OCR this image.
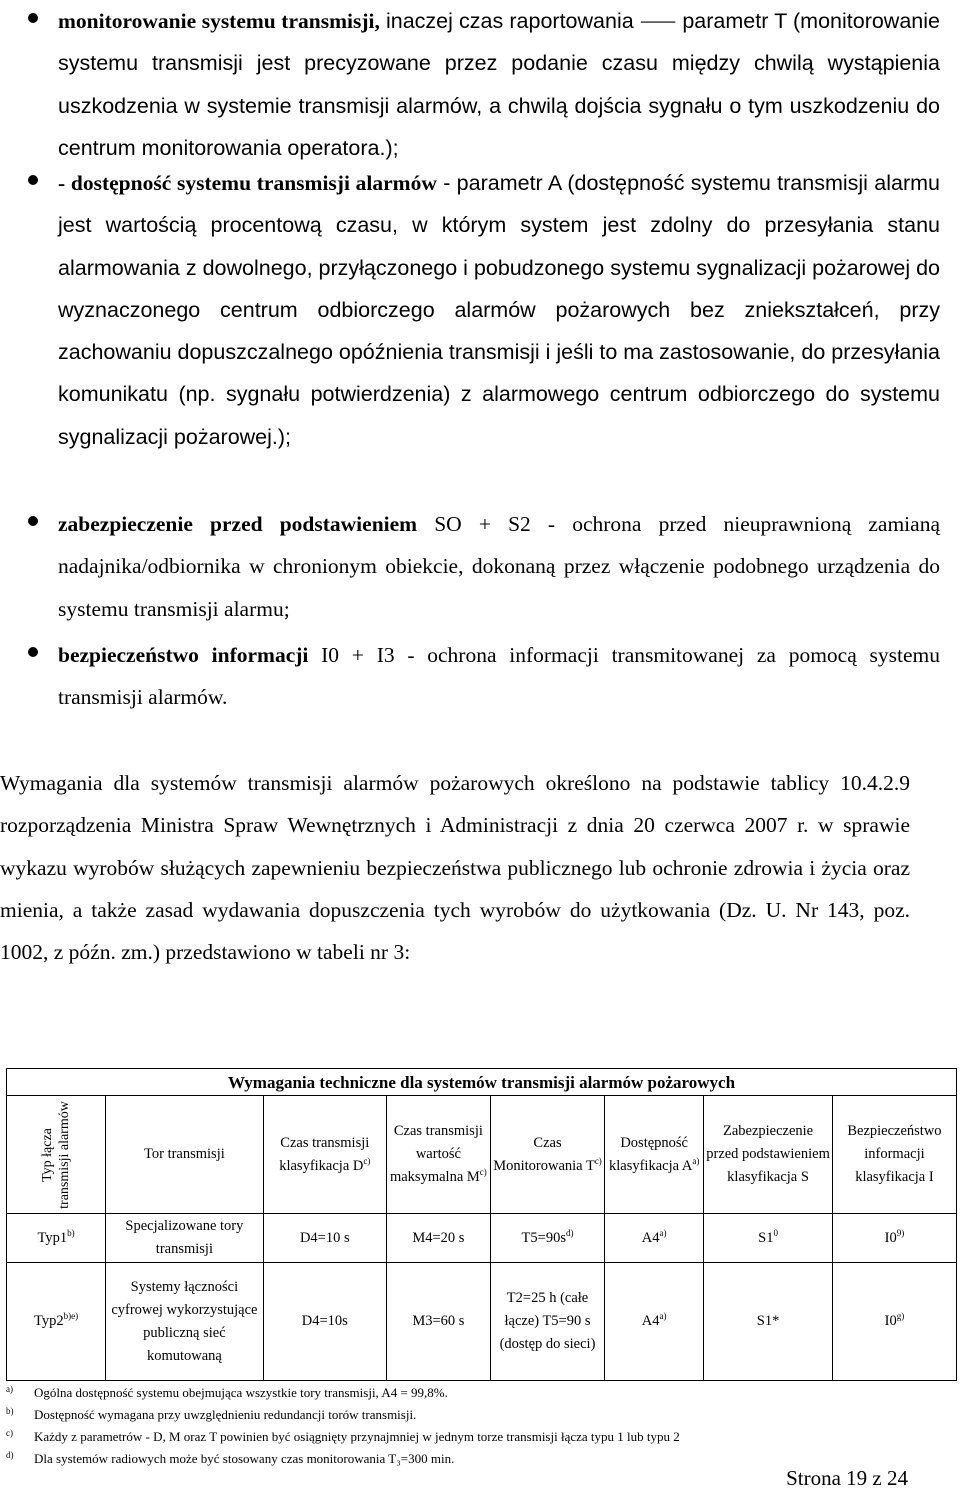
monitorowanie systemu transmisji, inaczej czas raportowania ⸺ parametr T (monitorowanie systemu transmisji jest precyzowane przez podanie czasu między chwilą wystąpienia uszkodzenia w systemie transmisji alarmów, a chwilą dojścia sygnału o tym uszkodzeniu do centrum monitorowania operatora.);
- dostępność systemu transmisji alarmów - parametr A (dostępność systemu transmisji alarmu jest wartością procentową czasu, w którym system jest zdolny do przesyłania stanu alarmowania z dowolnego, przyłączonego i pobudzonego systemu sygnalizacji pożarowej do wyznaczonego centrum odbiorczego alarmów pożarowych bez zniekształceń, przy zachowaniu dopuszczalnego opóźnienia transmisji i jeśli to ma zastosowanie, do przesyłania komunikatu (np. sygnału potwierdzenia) z alarmowego centrum odbiorczego do systemu sygnalizacji pożarowej.);
zabezpieczenie przed podstawieniem SO + S2 - ochrona przed nieuprawnioną zamianą nadajnika/odbiornika w chronionym obiekcie, dokonaną przez włączenie podobnego urządzenia do systemu transmisji alarmu;
bezpieczeństwo informacji I0 + I3 - ochrona informacji transmitowanej za pomocą systemu transmisji alarmów.
Wymagania dla systemów transmisji alarmów pożarowych określono na podstawie tablicy 10.4.2.9 rozporządzenia Ministra Spraw Wewnętrznych i Administracji z dnia 20 czerwca 2007 r. w sprawie wykazu wyrobów służących zapewnieniu bezpieczeństwa publicznego lub ochronie zdrowia i życia oraz mienia, a także zasad wydawania dopuszczenia tych wyrobów do użytkowania (Dz. U. Nr 143, poz. 1002, z późn. zm.) przedstawiono w tabeli nr 3:
Wymagania techniczne dla systemów transmisji alarmów pożarowych							

Typ łącza transmisji alarmów	Tor transmisji	Czas transmisji klasyfikacja $D^{c)}$	Czas transmisji wartość maksymalna $M^{c)}$	Czas Monitorowania $T^{c)}$	Dostępność klasyfikacja $A^{a)}$	Zabezpieczenie przed podstawieniem klasyfikacja S	Bezpieczeństwo informacji klasyfikacja I
Typ1$^{b)}$	Specjalizowane tory transmisji	D4=10 s	M4=20 s	$T5=90s^{d)}$	A4$^{a)}$	$S1^0$	I0$^{9)}$
$Typ2^{b)e)}$	Systemy łączności cyfrowej wykorzystujące publiczną sieć komutowaną	D4=10s	M3=60 s	T2=25 h (całe łącze) T5=90 s (dostęp do sieci)	A4$^{a)}$	S1*	I0$^{g)}$
a) Ogólna dostępność systemu obejmująca wszystkie tory transmisji, A4 = 99,8%.
b) Dostępność wymagana przy uwzględnieniu redundancji torów transmisji.
c) Każdy z parametrów - D, M oraz T powinien być osiągnięty przynajmniej w jednym torze transmisji łącza typu 1 lub typu 2
d) Dla systemów radiowych może być stosowany czas monitorowania T₃=300 min.
Strona 19 z 24
